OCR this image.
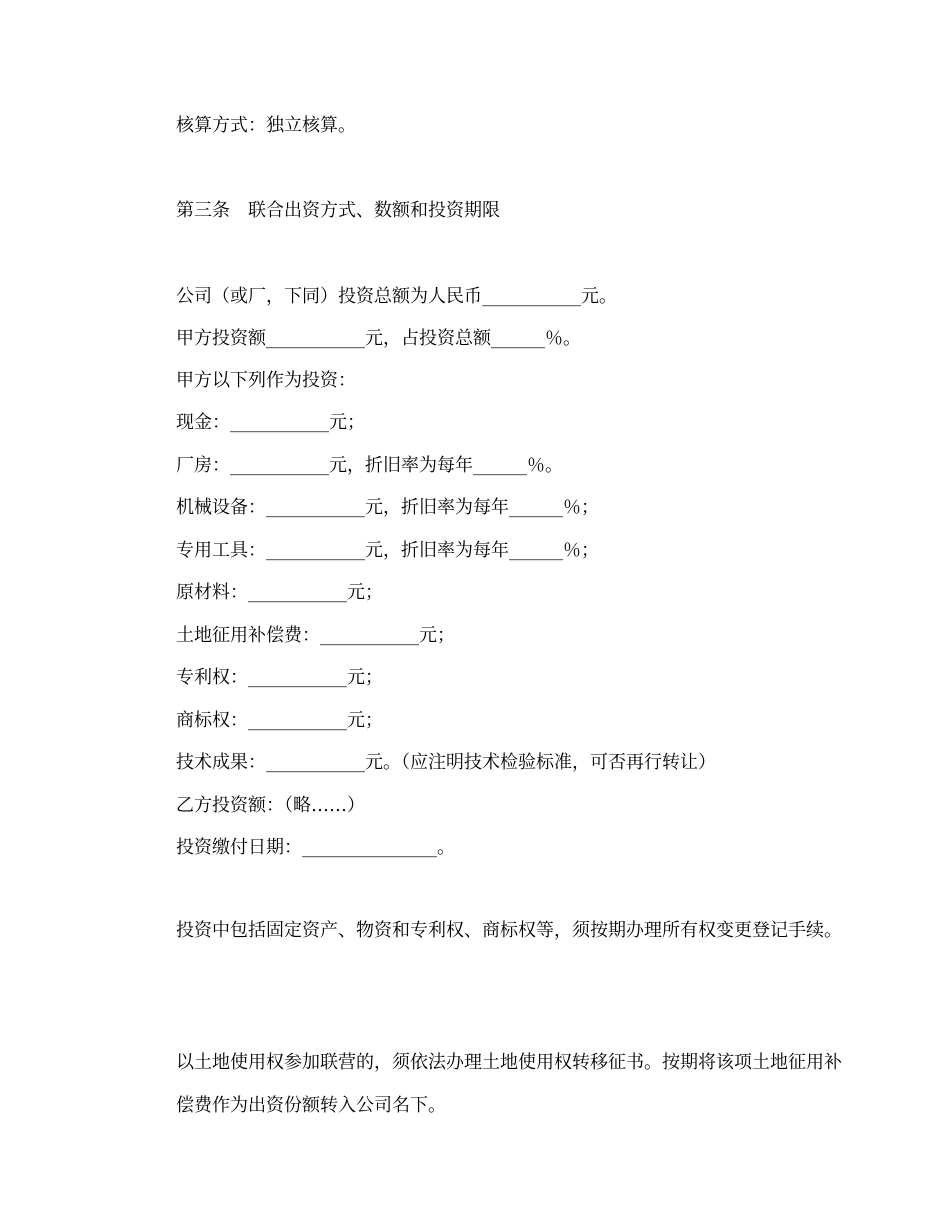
核算方式：独立核算。
第三条　联合出资方式、数额和投资期限
公司（或厂，下同）投资总额为人民币___________元。
甲方投资额___________元，占投资总额______％。
甲方以下列作为投资：
现金：___________元；
厂房：___________元，折旧率为每年______％。
机械设备：___________元，折旧率为每年______％；
专用工具：___________元，折旧率为每年______％；
原材料：___________元；
土地征用补偿费：___________元；
专利权：___________元；
商标权：___________元；
技术成果：___________元。（应注明技术检验标准，可否再行转让）
乙方投资额：（略……）
投资缴付日期：_______________。
投资中包括固定资产、物资和专利权、商标权等，须按期办理所有权变更登记手续。
以土地使用权参加联营的，须依法办理土地使用权转移征书。按期将该项土地征用补偿费作为出资份额转入公司名下。
